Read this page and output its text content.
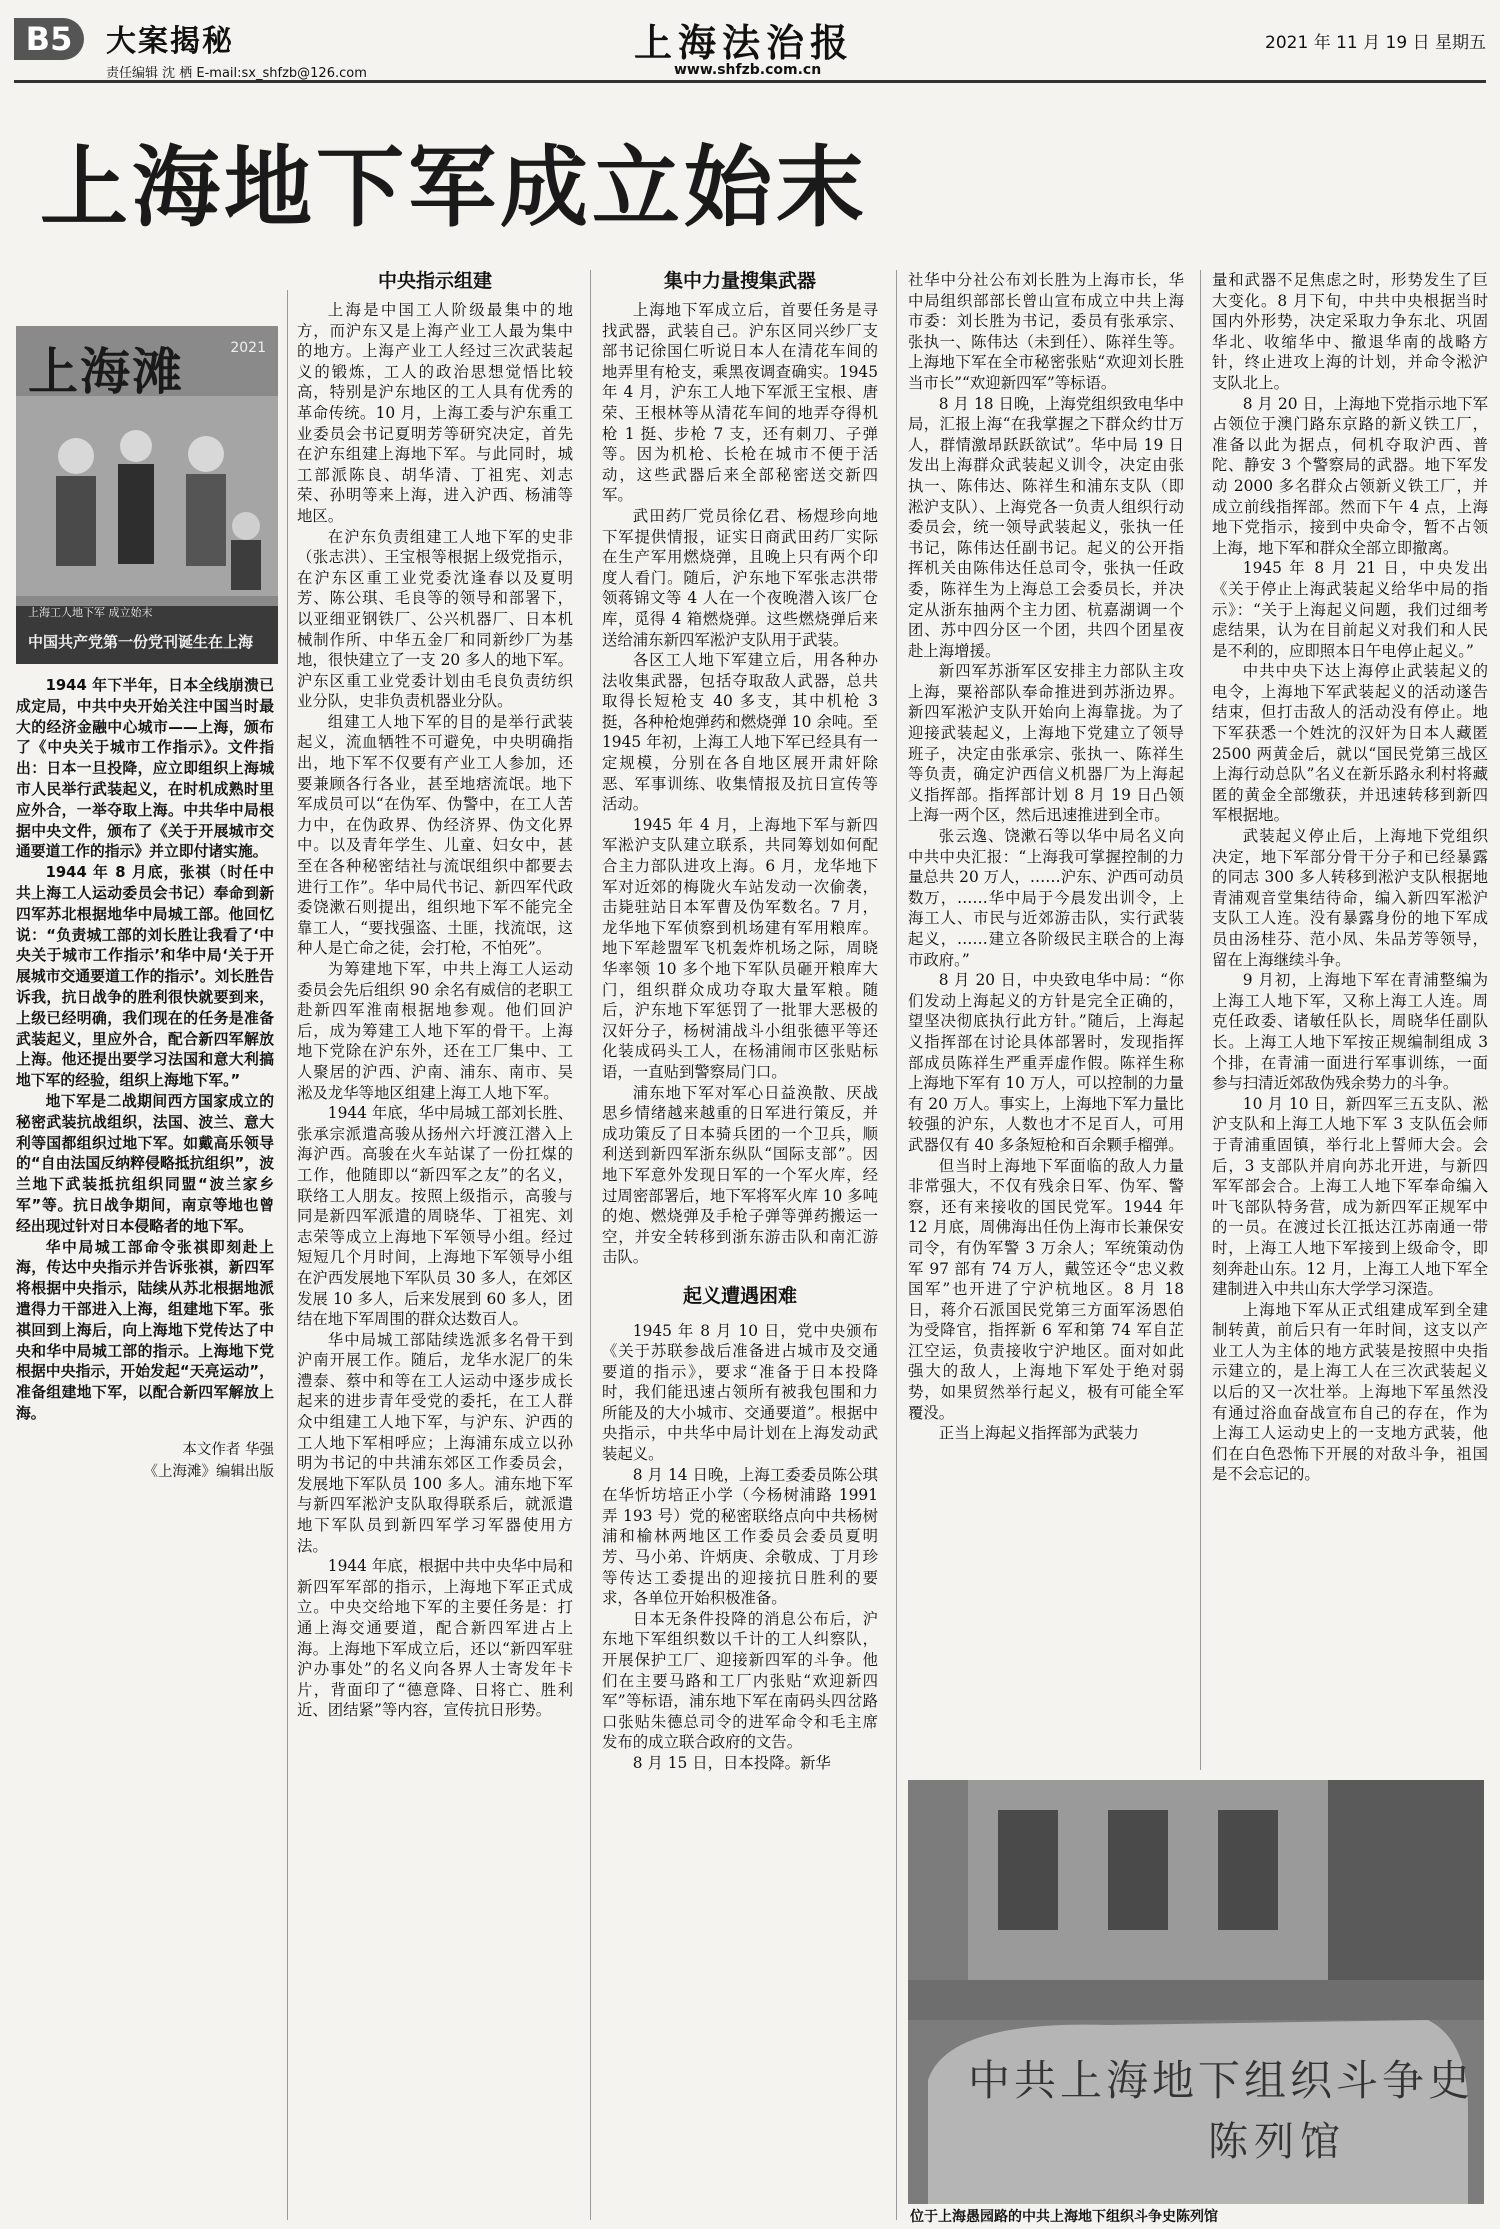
B5	大案揭秘
责任编辑 沈 栖 E-mail:sx_shfzb@126.com
上海法治报
www.shfzb.com.cn
2021 年 11 月 19 日 星期五
上海地下军成立始末
上海滩	2021
上海工人地下军 成立始末
中国共产党第一份党刊诞生在上海

1944 年下半年，日本全线崩溃已成定局，中共中央开始关注中国当时最大的经济金融中心城市——上海，颁布了《中央关于城市工作指示》。文件指出：日本一旦投降，应立即组织上海城市人民举行武装起义，在时机成熟时里应外合，一举夺取上海。中共华中局根据中央文件，颁布了《关于开展城市交通要道工作的指示》并立即付诸实施。

1944 年 8 月底，张祺（时任中共上海工人运动委员会书记）奉命到新四军苏北根据地华中局城工部。他回忆说：“负责城工部的刘长胜让我看了‘中央关于城市工作指示’和华中局‘关于开展城市交通要道工作的指示’。刘长胜告诉我，抗日战争的胜利很快就要到来，上级已经明确，我们现在的任务是准备武装起义，里应外合，配合新四军解放上海。他还提出要学习法国和意大利搞地下军的经验，组织上海地下军。”

地下军是二战期间西方国家成立的秘密武装抗战组织，法国、波兰、意大利等国都组织过地下军。如戴高乐领导的“自由法国反纳粹侵略抵抗组织”，波兰地下武装抵抗组织同盟“波兰家乡军”等。抗日战争期间，南京等地也曾经出现过针对日本侵略者的地下军。

华中局城工部命令张祺即刻赴上海，传达中央指示并告诉张祺，新四军将根据中央指示，陆续从苏北根据地派遣得力干部进入上海，组建地下军。张祺回到上海后，向上海地下党传达了中央和华中局城工部的指示。上海地下党根据中央指示，开始发起“天亮运动”，准备组建地下军，以配合新四军解放上海。

本文作者 华强

《上海滩》编辑出版

中央指示组建

上海是中国工人阶级最集中的地方，而沪东又是上海产业工人最为集中的地方。上海产业工人经过三次武装起义的锻炼，工人的政治思想觉悟比较高，特别是沪东地区的工人具有优秀的革命传统。10 月，上海工委与沪东重工业委员会书记夏明芳等研究决定，首先在沪东组建上海地下军。与此同时，城工部派陈良、胡华清、丁祖宪、刘志荣、孙明等来上海，进入沪西、杨浦等地区。

在沪东负责组建工人地下军的史非（张志洪）、王宝根等根据上级党指示，在沪东区重工业党委沈逢春以及夏明芳、陈公琪、毛良等的领导和部署下，以亚细亚钢铁厂、公兴机器厂、日本机械制作所、中华五金厂和同新纱厂为基地，很快建立了一支 20 多人的地下军。沪东区重工业党委计划由毛良负责纺织业分队，史非负责机器业分队。

组建工人地下军的目的是举行武装起义，流血牺牲不可避免，中央明确指出，地下军不仅要有产业工人参加，还要兼顾各行各业，甚至地痞流氓。地下军成员可以“在伪军、伪警中，在工人苦力中，在伪政界、伪经济界、伪文化界中。以及青年学生、儿童、妇女中，甚至在各种秘密结社与流氓组织中都要去进行工作”。华中局代书记、新四军代政委饶漱石则提出，组织地下军不能完全靠工人，“要找强盗、土匪，找流氓，这种人是亡命之徒，会打枪，不怕死”。

为筹建地下军，中共上海工人运动委员会先后组织 90 余名有威信的老职工赴新四军淮南根据地参观。他们回沪后，成为筹建工人地下军的骨干。上海地下党除在沪东外，还在工厂集中、工人聚居的沪西、沪南、浦东、南市、吴淞及龙华等地区组建上海工人地下军。

1944 年底，华中局城工部刘长胜、张承宗派遣高骏从扬州六圩渡江潜入上海沪西。高骏在火车站谋了一份扛煤的工作，他随即以“新四军之友”的名义，联络工人朋友。按照上级指示，高骏与同是新四军派遣的周晓华、丁祖宪、刘志荣等成立上海地下军领导小组。经过短短几个月时间，上海地下军领导小组在沪西发展地下军队员 30 多人，在郊区发展 10 多人，后来发展到 60 多人，团结在地下军周围的群众达数百人。

华中局城工部陆续选派多名骨干到沪南开展工作。随后，龙华水泥厂的朱澧泰、蔡中和等在工人运动中逐步成长起来的进步青年受党的委托，在工人群众中组建工人地下军，与沪东、沪西的工人地下军相呼应；上海浦东成立以孙明为书记的中共浦东郊区工作委员会，发展地下军队员 100 多人。浦东地下军与新四军淞沪支队取得联系后，就派遣地下军队员到新四军学习军器使用方法。

1944 年底，根据中共中央华中局和新四军军部的指示，上海地下军正式成立。中央交给地下军的主要任务是：打通上海交通要道，配合新四军进占上海。上海地下军成立后，还以“新四军驻沪办事处”的名义向各界人士寄发年卡片，背面印了“德意降、日将亡、胜利近、团结紧”等内容，宣传抗日形势。

集中力量搜集武器

上海地下军成立后，首要任务是寻找武器，武装自己。沪东区同兴纱厂支部书记徐国仁听说日本人在清花车间的地弄里有枪支，乘黑夜调查确实。1945 年 4 月，沪东工人地下军派王宝根、唐荣、王根林等从清花车间的地弄夺得机枪 1 挺、步枪 7 支，还有刺刀、子弹等。因为机枪、长枪在城市不便于活动，这些武器后来全部秘密送交新四军。

武田药厂党员徐亿君、杨煜珍向地下军提供情报，证实日商武田药厂实际在生产军用燃烧弹，且晚上只有两个印度人看门。随后，沪东地下军张志洪带领蒋锦文等 4 人在一个夜晚潜入该厂仓库，觅得 4 箱燃烧弹。这些燃烧弹后来送给浦东新四军淞沪支队用于武装。

各区工人地下军建立后，用各种办法收集武器，包括夺取敌人武器，总共取得长短枪支 40 多支，其中机枪 3 挺，各种枪炮弹药和燃烧弹 10 余吨。至 1945 年初，上海工人地下军已经具有一定规模，分别在各自地区展开肃奸除恶、军事训练、收集情报及抗日宣传等活动。

1945 年 4 月，上海地下军与新四军淞沪支队建立联系，共同筹划如何配合主力部队进攻上海。6 月，龙华地下军对近郊的梅陇火车站发动一次偷袭，击毙驻站日本军曹及伪军数名。7 月，龙华地下军侦察到机场建有军用粮库。地下军趁盟军飞机轰炸机场之际，周晓华率领 10 多个地下军队员砸开粮库大门，组织群众成功夺取大量军粮。随后，沪东地下军惩罚了一批罪大恶极的汉奸分子，杨树浦战斗小组张德平等还化装成码头工人，在杨浦闹市区张贴标语，一直贴到警察局门口。

浦东地下军对军心日益涣散、厌战思乡情绪越来越重的日军进行策反，并成功策反了日本骑兵团的一个卫兵，顺利送到新四军浙东纵队“国际支部”。因地下军意外发现日军的一个军火库，经过周密部署后，地下军将军火库 10 多吨的炮、燃烧弹及手枪子弹等弹药搬运一空，并安全转移到浙东游击队和南汇游击队。

起义遭遇困难

1945 年 8 月 10 日，党中央颁布《关于苏联参战后准备进占城市及交通要道的指示》，要求“准备于日本投降时，我们能迅速占领所有被我包围和力所能及的大小城市、交通要道”。根据中央指示，中共华中局计划在上海发动武装起义。

8 月 14 日晚，上海工委委员陈公琪在华忻坊培正小学（今杨树浦路 1991 弄 193 号）党的秘密联络点向中共杨树浦和榆林两地区工作委员会委员夏明芳、马小弟、许炳庚、余敬成、丁月珍等传达工委提出的迎接抗日胜利的要求，各单位开始积极准备。

日本无条件投降的消息公布后，沪东地下军组织数以千计的工人纠察队，开展保护工厂、迎接新四军的斗争。他们在主要马路和工厂内张贴“欢迎新四军”等标语，浦东地下军在南码头四岔路口张贴朱德总司令的进军命令和毛主席发布的成立联合政府的文告。

8 月 15 日，日本投降。新华

社华中分社公布刘长胜为上海市长，华中局组织部部长曾山宣布成立中共上海市委：刘长胜为书记，委员有张承宗、张执一、陈伟达（未到任）、陈祥生等。上海地下军在全市秘密张贴“欢迎刘长胜当市长”“欢迎新四军”等标语。

8 月 18 日晚，上海党组织致电华中局，汇报上海“在我掌握之下群众约廿万人，群情激昂跃跃欲试”。华中局 19 日发出上海群众武装起义训令，决定由张执一、陈伟达、陈祥生和浦东支队（即淞沪支队）、上海党各一负责人组织行动委员会，统一领导武装起义，张执一任书记，陈伟达任副书记。起义的公开指挥机关由陈伟达任总司令，张执一任政委，陈祥生为上海总工会委员长，并决定从浙东抽两个主力团、杭嘉湖调一个团、苏中四分区一个团，共四个团星夜赴上海增援。

新四军苏浙军区安排主力部队主攻上海，粟裕部队奉命推进到苏浙边界。新四军淞沪支队开始向上海靠拢。为了迎接武装起义，上海地下党建立了领导班子，决定由张承宗、张执一、陈祥生等负责，确定沪西信义机器厂为上海起义指挥部。指挥部计划 8 月 19 日凸领上海一两个区，然后迅速推进到全市。

张云逸、饶漱石等以华中局名义向中共中央汇报：“上海我可掌握控制的力量总共 20 万人，……沪东、沪西可动员数万，……华中局于今晨发出训令，上海工人、市民与近郊游击队，实行武装起义，……建立各阶级民主联合的上海市政府。”

8 月 20 日，中央致电华中局：“你们发动上海起义的方针是完全正确的，望坚决彻底执行此方针。”随后，上海起义指挥部在讨论具体部署时，发现指挥部成员陈祥生严重弄虚作假。陈祥生称上海地下军有 10 万人，可以控制的力量有 20 万人。事实上，上海地下军力量比较强的沪东，人数也才不足百人，可用武器仅有 40 多条短枪和百余颗手榴弹。

但当时上海地下军面临的敌人力量非常强大，不仅有残余日军、伪军、警察，还有来接收的国民党军。1944 年 12 月底，周佛海出任伪上海市长兼保安司令，有伪军警 3 万余人；军统策动伪军 97 部有 74 万人，戴笠还令“忠义救国军”也开进了宁沪杭地区。8 月 18 日，蒋介石派国民党第三方面军汤恩伯为受降官，指挥新 6 军和第 74 军自芷江空运，负责接收宁沪地区。面对如此强大的敌人，上海地下军处于绝对弱势，如果贸然举行起义，极有可能全军覆没。

正当上海起义指挥部为武装力

量和武器不足焦虑之时，形势发生了巨大变化。8 月下旬，中共中央根据当时国内外形势，决定采取力争东北、巩固华北、收缩华中、撤退华南的战略方针，终止进攻上海的计划，并命令淞沪支队北上。

8 月 20 日，上海地下党指示地下军占领位于澳门路东京路的新义铁工厂，准备以此为据点，伺机夺取沪西、普陀、静安 3 个警察局的武器。地下军发动 2000 多名群众占领新义铁工厂，并成立前线指挥部。然而下午 4 点，上海地下党指示，接到中央命令，暂不占领上海，地下军和群众全部立即撤离。

1945 年 8 月 21 日，中央发出《关于停止上海武装起义给华中局的指示》：“关于上海起义问题，我们过细考虑结果，认为在目前起义对我们和人民是不利的，应即照本日午电停止起义。”

中共中央下达上海停止武装起义的电令，上海地下军武装起义的活动遂告结束，但打击敌人的活动没有停止。地下军获悉一个姓沈的汉奸为日本人藏匿 2500 两黄金后，就以“国民党第三战区上海行动总队”名义在新乐路永利村将藏匿的黄金全部缴获，并迅速转移到新四军根据地。

武装起义停止后，上海地下党组织决定，地下军部分骨干分子和已经暴露的同志 300 多人转移到淞沪支队根据地青浦观音堂集结待命，编入新四军淞沪支队工人连。没有暴露身份的地下军成员由汤桂芬、范小凤、朱品芳等领导，留在上海继续斗争。

9 月初，上海地下军在青浦整编为上海工人地下军，又称上海工人连。周克任政委、诸敏任队长，周晓华任副队长。上海工人地下军按正规编制组成 3 个排，在青浦一面进行军事训练，一面参与扫清近郊敌伪残余势力的斗争。

10 月 10 日，新四军三五支队、淞沪支队和上海工人地下军 3 支队伍会师于青浦重固镇，举行北上誓师大会。会后，3 支部队并肩向苏北开进，与新四军军部会合。上海工人地下军奉命编入叶飞部队特务营，成为新四军正规军中的一员。在渡过长江抵达江苏南通一带时，上海工人地下军接到上级命令，即刻奔赴山东。12 月，上海工人地下军全建制进入中共山东大学学习深造。

上海地下军从正式组建成军到全建制转黄，前后只有一年时间，这支以产业工人为主体的地方武装是按照中央指示建立的，是上海工人在三次武装起义以后的又一次壮举。上海地下军虽然没有通过浴血奋战宣布自己的存在，作为上海工人运动史上的一支地方武装，他们在白色恐怖下开展的对敌斗争，祖国是不会忘记的。

中共上海地下组织斗争史
陈列馆
位于上海愚园路的中共上海地下组织斗争史陈列馆
